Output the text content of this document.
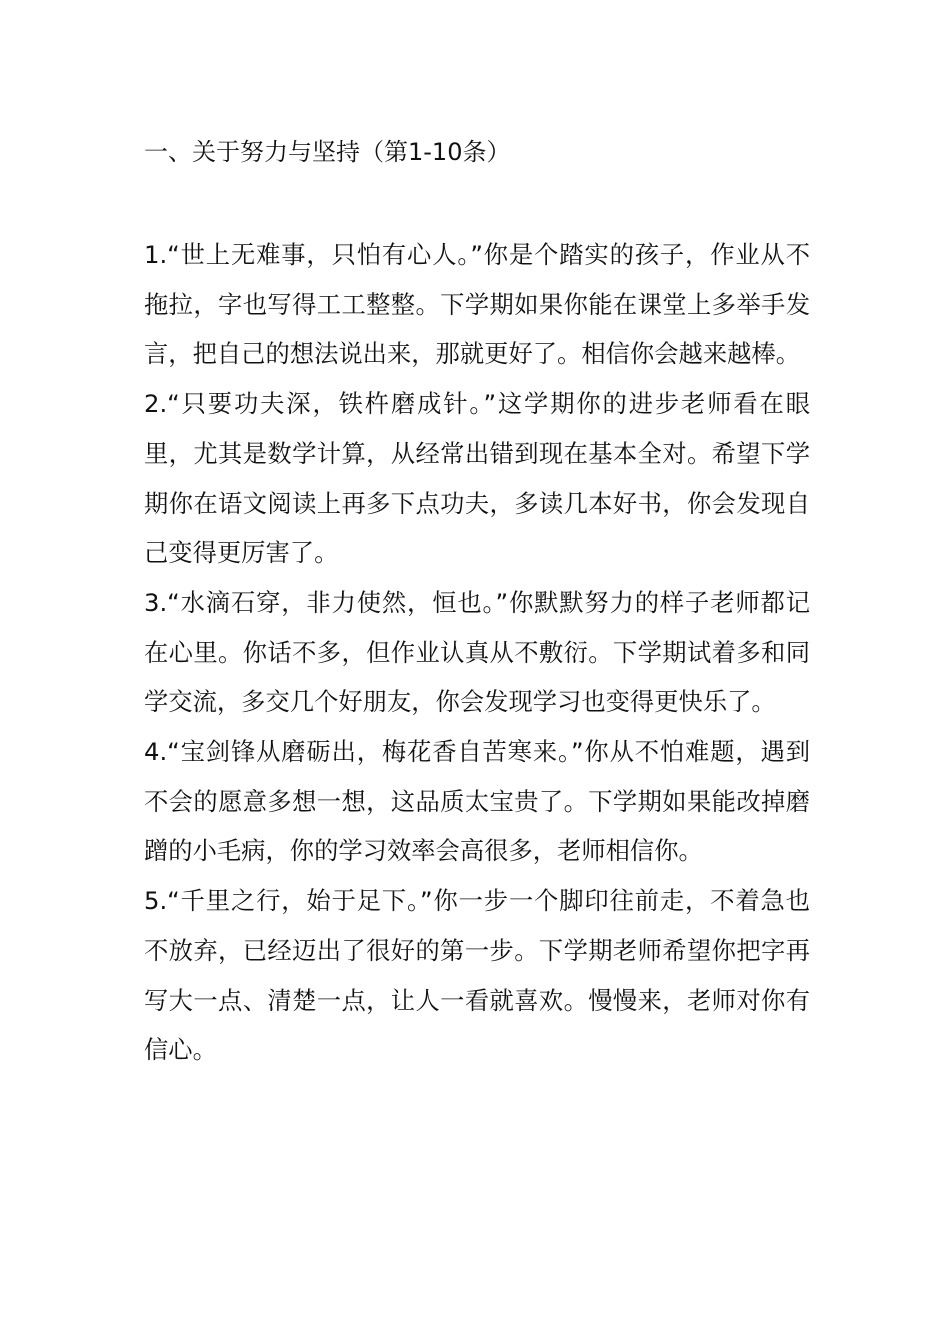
一、关于努力与坚持（第1-10条）

1.“世上无难事，只怕有心人。”你是个踏实的孩子，作业从不拖拉，字也写得工工整整。下学期如果你能在课堂上多举手发言，把自己的想法说出来，那就更好了。相信你会越来越棒。

2.“只要功夫深，铁杵磨成针。”这学期你的进步老师看在眼里，尤其是数学计算，从经常出错到现在基本全对。希望下学期你在语文阅读上再多下点功夫，多读几本好书，你会发现自己变得更厉害了。

3.“水滴石穿，非力使然，恒也。”你默默努力的样子老师都记在心里。你话不多，但作业认真从不敷衍。下学期试着多和同学交流，多交几个好朋友，你会发现学习也变得更快乐了。

4.“宝剑锋从磨砺出，梅花香自苦寒来。”你从不怕难题，遇到不会的愿意多想一想，这品质太宝贵了。下学期如果能改掉磨蹭的小毛病，你的学习效率会高很多，老师相信你。

5.“千里之行，始于足下。”你一步一个脚印往前走，不着急也不放弃，已经迈出了很好的第一步。下学期老师希望你把字再写大一点、清楚一点，让人一看就喜欢。慢慢来，老师对你有信心。
